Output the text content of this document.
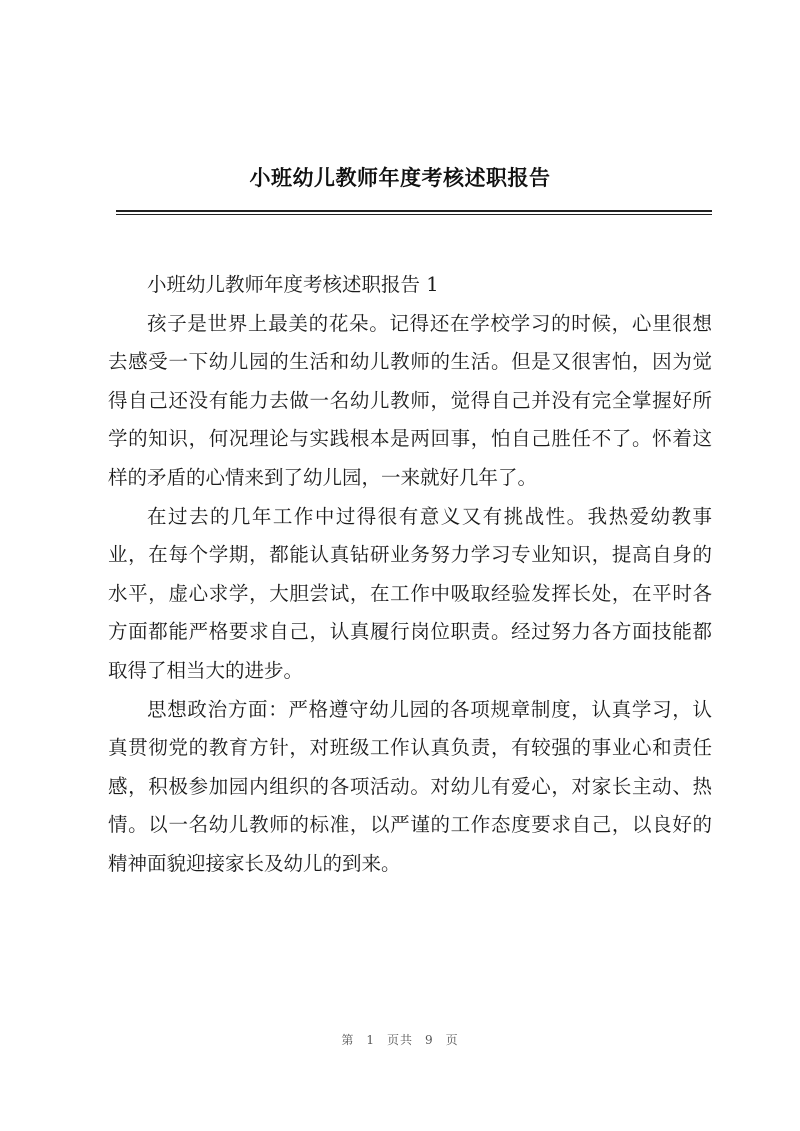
小班幼儿教师年度考核述职报告

小班幼儿教师年度考核述职报告 1

孩子是世界上最美的花朵。记得还在学校学习的时候，心里很想去感受一下幼儿园的生活和幼儿教师的生活。但是又很害怕，因为觉得自己还没有能力去做一名幼儿教师，觉得自己并没有完全掌握好所学的知识，何况理论与实践根本是两回事，怕自己胜任不了。怀着这样的矛盾的心情来到了幼儿园，一来就好几年了。

在过去的几年工作中过得很有意义又有挑战性。我热爱幼教事业，在每个学期，都能认真钻研业务努力学习专业知识，提高自身的水平，虚心求学，大胆尝试，在工作中吸取经验发挥长处，在平时各方面都能严格要求自己，认真履行岗位职责。经过努力各方面技能都取得了相当大的进步。

思想政治方面：严格遵守幼儿园的各项规章制度，认真学习，认真贯彻党的教育方针，对班级工作认真负责，有较强的事业心和责任感，积极参加园内组织的各项活动。对幼儿有爱心，对家长主动、热情。以一名幼儿教师的标准，以严谨的工作态度要求自己，以良好的精神面貌迎接家长及幼儿的到来。

第 1 页共 9 页
